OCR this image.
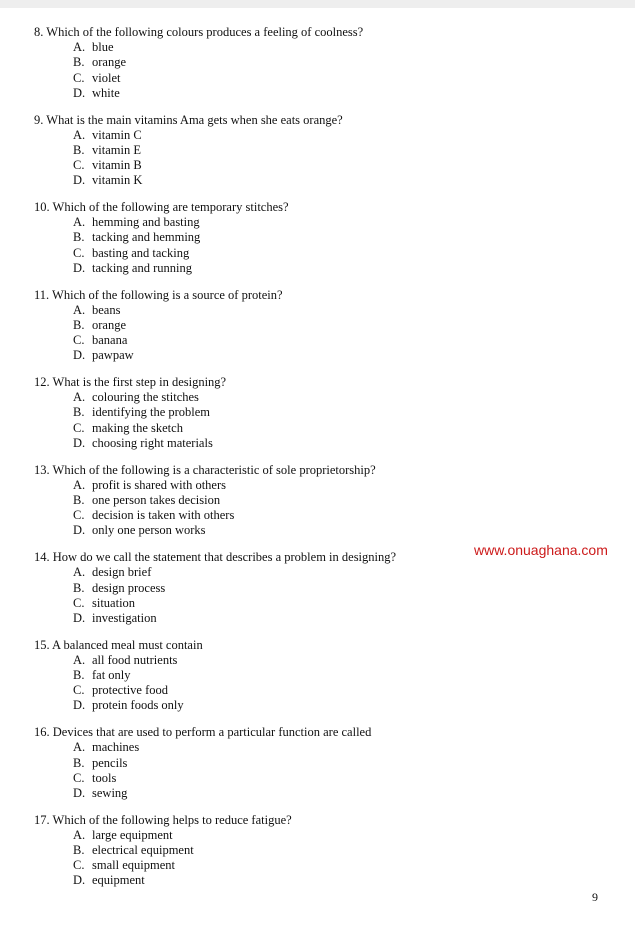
8. Which of the following colours produces a feeling of coolness?
A. blue
B. orange
C. violet
D. white
9. What is the main vitamins Ama gets when she eats orange?
A. vitamin C
B. vitamin E
C. vitamin B
D. vitamin K
10. Which of the following are temporary stitches?
A. hemming and basting
B. tacking and hemming
C. basting and tacking
D. tacking and running
11. Which of the following is a source of protein?
A. beans
B. orange
C. banana
D. pawpaw
12. What is the first step in designing?
A. colouring the stitches
B. identifying the problem
C. making the sketch
D. choosing right materials
13. Which of the following is a characteristic of sole proprietorship?
A. profit is shared with others
B. one person takes decision
C. decision is taken with others
D. only one person works
14. How do we call the statement that describes a problem in designing?
A. design brief
B. design process
C. situation
D. investigation
15. A balanced meal must contain
A. all food nutrients
B. fat only
C. protective food
D. protein foods only
16. Devices that are used to perform a particular function are called
A. machines
B. pencils
C. tools
D. sewing
17. Which of the following helps to reduce fatigue?
A. large equipment
B. electrical equipment
C. small equipment
D. equipment
www.onuaghana.com
9
